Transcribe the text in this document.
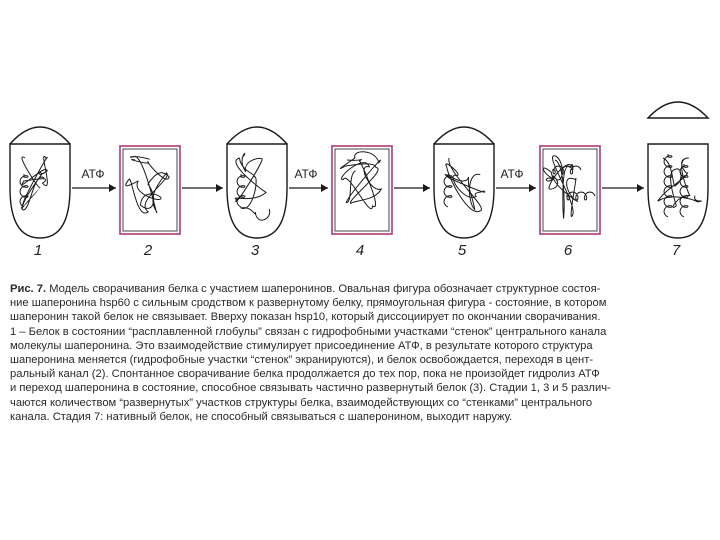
1	2	3	4	5	6	7
АТФ	АТФ	АТФ
Рис. 7. Модель сворачивания белка с участием шаперонинов. Овальная фигура обозначает структурное состоя-
ние шаперонина hsp60 с сильным сродством к развернутому белку, прямоугольная фигура - состояние, в котором
шаперонин такой белок не связывает. Вверху показан hsp10, который диссоциирует по окончании сворачивания.
1 – Белок в состоянии “расплавленной глобулы” связан с гидрофобными участками “стенок” центрального канала
молекулы шаперонина. Это взаимодействие стимулирует присоединение АТФ, в результате которого структура
шаперонина меняется (гидрофобные участки “стенок” экранируются), и белок освобождается, переходя в цент-
ральный канал (2). Спонтанное сворачивание белка продолжается до тех пор, пока не произойдет гидролиз АТФ
и переход шаперонина в состояние, способное связывать частично развернутый белок (3). Стадии 1, 3 и 5 различ-
чаются количеством “развернутых” участков структуры белка, взаимодействующих со “стенками” центрального
канала. Стадия 7: нативный белок, не способный связываться с шаперонином, выходит наружу.
